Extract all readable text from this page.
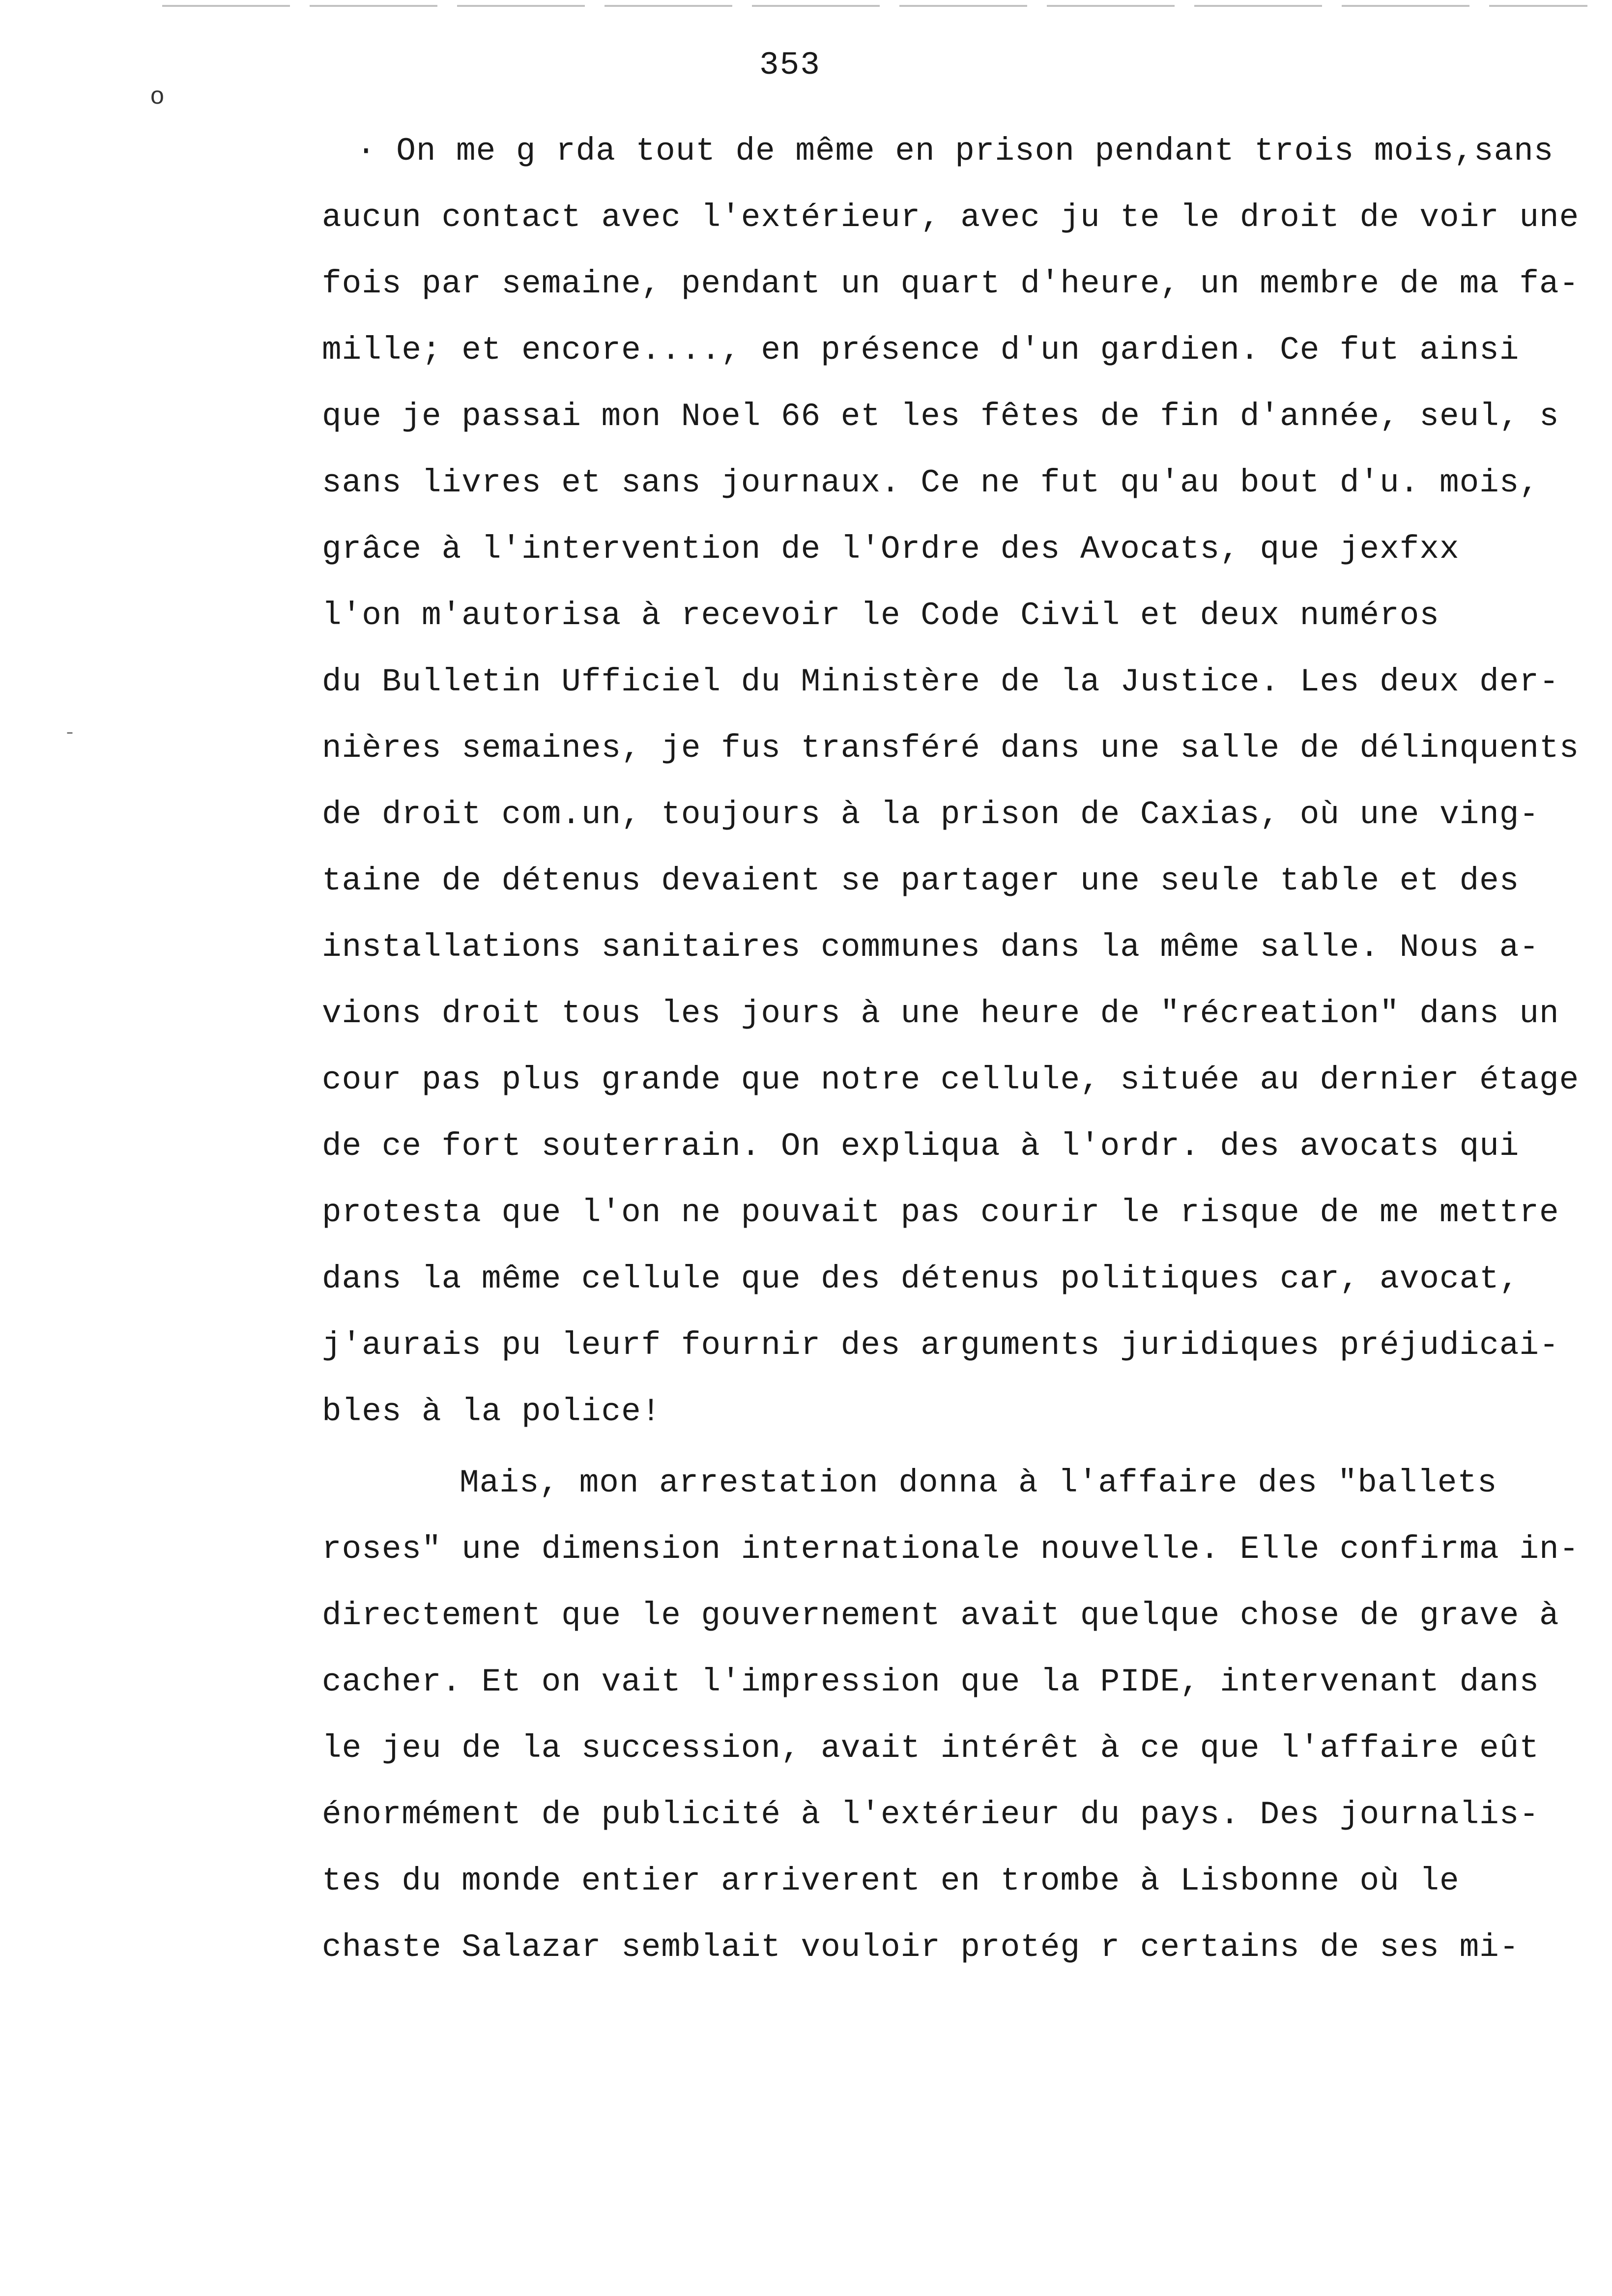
353
o
-
· On me g rda tout de même en prison pendant trois mois,sans
aucun contact avec l'extérieur, avec ju te le droit de voir une
fois par semaine, pendant un quart d'heure, un membre de ma fa-
mille; et encore...., en présence d'un gardien. Ce fut ainsi
que je passai mon Noel 66 et les fêtes de fin d'année, seul, s
sans livres et sans journaux. Ce ne fut qu'au bout d'u. mois,
grâce à l'intervention de l'Ordre des Avocats, que jexfxx
l'on m'autorisa à recevoir le Code Civil et deux numéros
du Bulletin Ufficiel du Ministère de la Justice. Les deux der-
nières semaines, je fus transféré dans une salle de délinquents
de droit com.un, toujours à la prison de Caxias, où une ving-
taine de détenus devaient se partager une seule table et des
installations sanitaires communes dans la même salle. Nous a-
vions droit tous les jours à une heure de "récreation" dans un
cour pas plus grande que notre cellule, située au dernier étage
de ce fort souterrain. On expliqua à l'ordr. des avocats qui
protesta que l'on ne pouvait pas courir le risque de me mettre
dans la même cellule que des détenus politiques car, avocat,
j'aurais pu leurf fournir des arguments juridiques préjudicai-
bles à la police!
Mais, mon arrestation donna à l'affaire des "ballets
roses" une dimension internationale nouvelle. Elle confirma in-
directement que le gouvernement avait quelque chose de grave à
cacher. Et on vait l'impression que la PIDE, intervenant dans
le jeu de la succession, avait intérêt à ce que l'affaire eût
énormément de publicité à l'extérieur du pays. Des journalis-
tes du monde entier arriverent en trombe à Lisbonne où le
chaste Salazar semblait vouloir protég r certains de ses mi-
